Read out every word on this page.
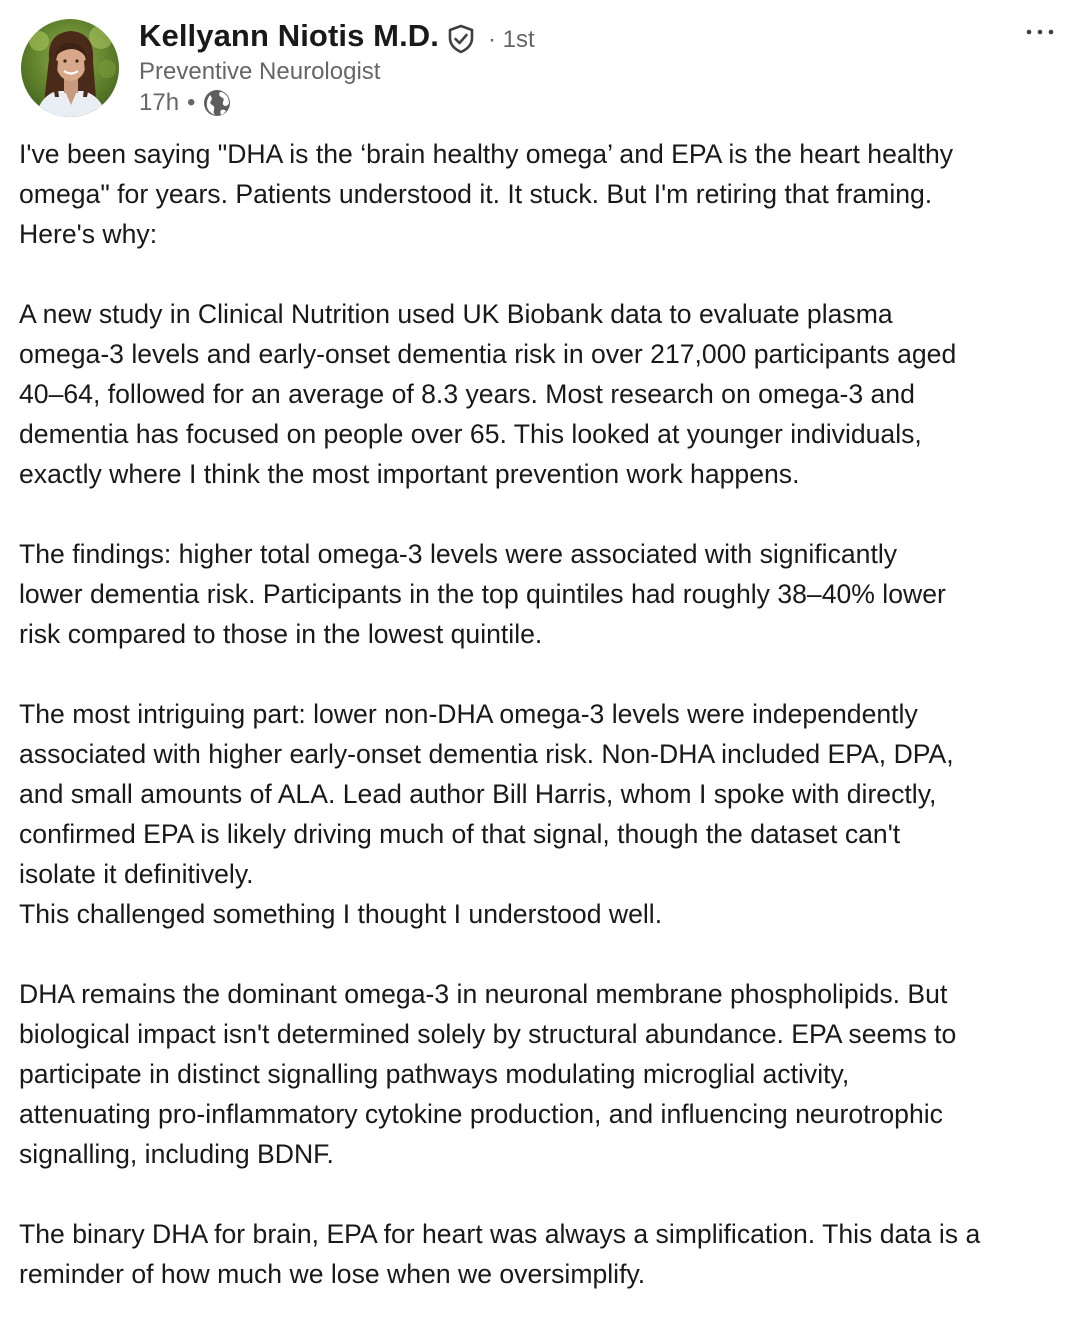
Kellyann Niotis M.D. · 1st
Preventive Neurologist
17h •

I've been saying "DHA is the ‘brain healthy omega’ and EPA is the heart healthy
omega" for years. Patients understood it. It stuck. But I'm retiring that framing.
Here's why:

A new study in Clinical Nutrition used UK Biobank data to evaluate plasma
omega-3 levels and early-onset dementia risk in over 217,000 participants aged
40–64, followed for an average of 8.3 years. Most research on omega-3 and
dementia has focused on people over 65. This looked at younger individuals,
exactly where I think the most important prevention work happens.

The findings: higher total omega-3 levels were associated with significantly
lower dementia risk. Participants in the top quintiles had roughly 38–40% lower
risk compared to those in the lowest quintile.

The most intriguing part: lower non-DHA omega-3 levels were independently
associated with higher early-onset dementia risk. Non-DHA included EPA, DPA,
and small amounts of ALA. Lead author Bill Harris, whom I spoke with directly,
confirmed EPA is likely driving much of that signal, though the dataset can't
isolate it definitively.
This challenged something I thought I understood well.

DHA remains the dominant omega-3 in neuronal membrane phospholipids. But
biological impact isn't determined solely by structural abundance. EPA seems to
participate in distinct signalling pathways modulating microglial activity,
attenuating pro-inflammatory cytokine production, and influencing neurotrophic
signalling, including BDNF.

The binary DHA for brain, EPA for heart was always a simplification. This data is a
reminder of how much we lose when we oversimplify.
